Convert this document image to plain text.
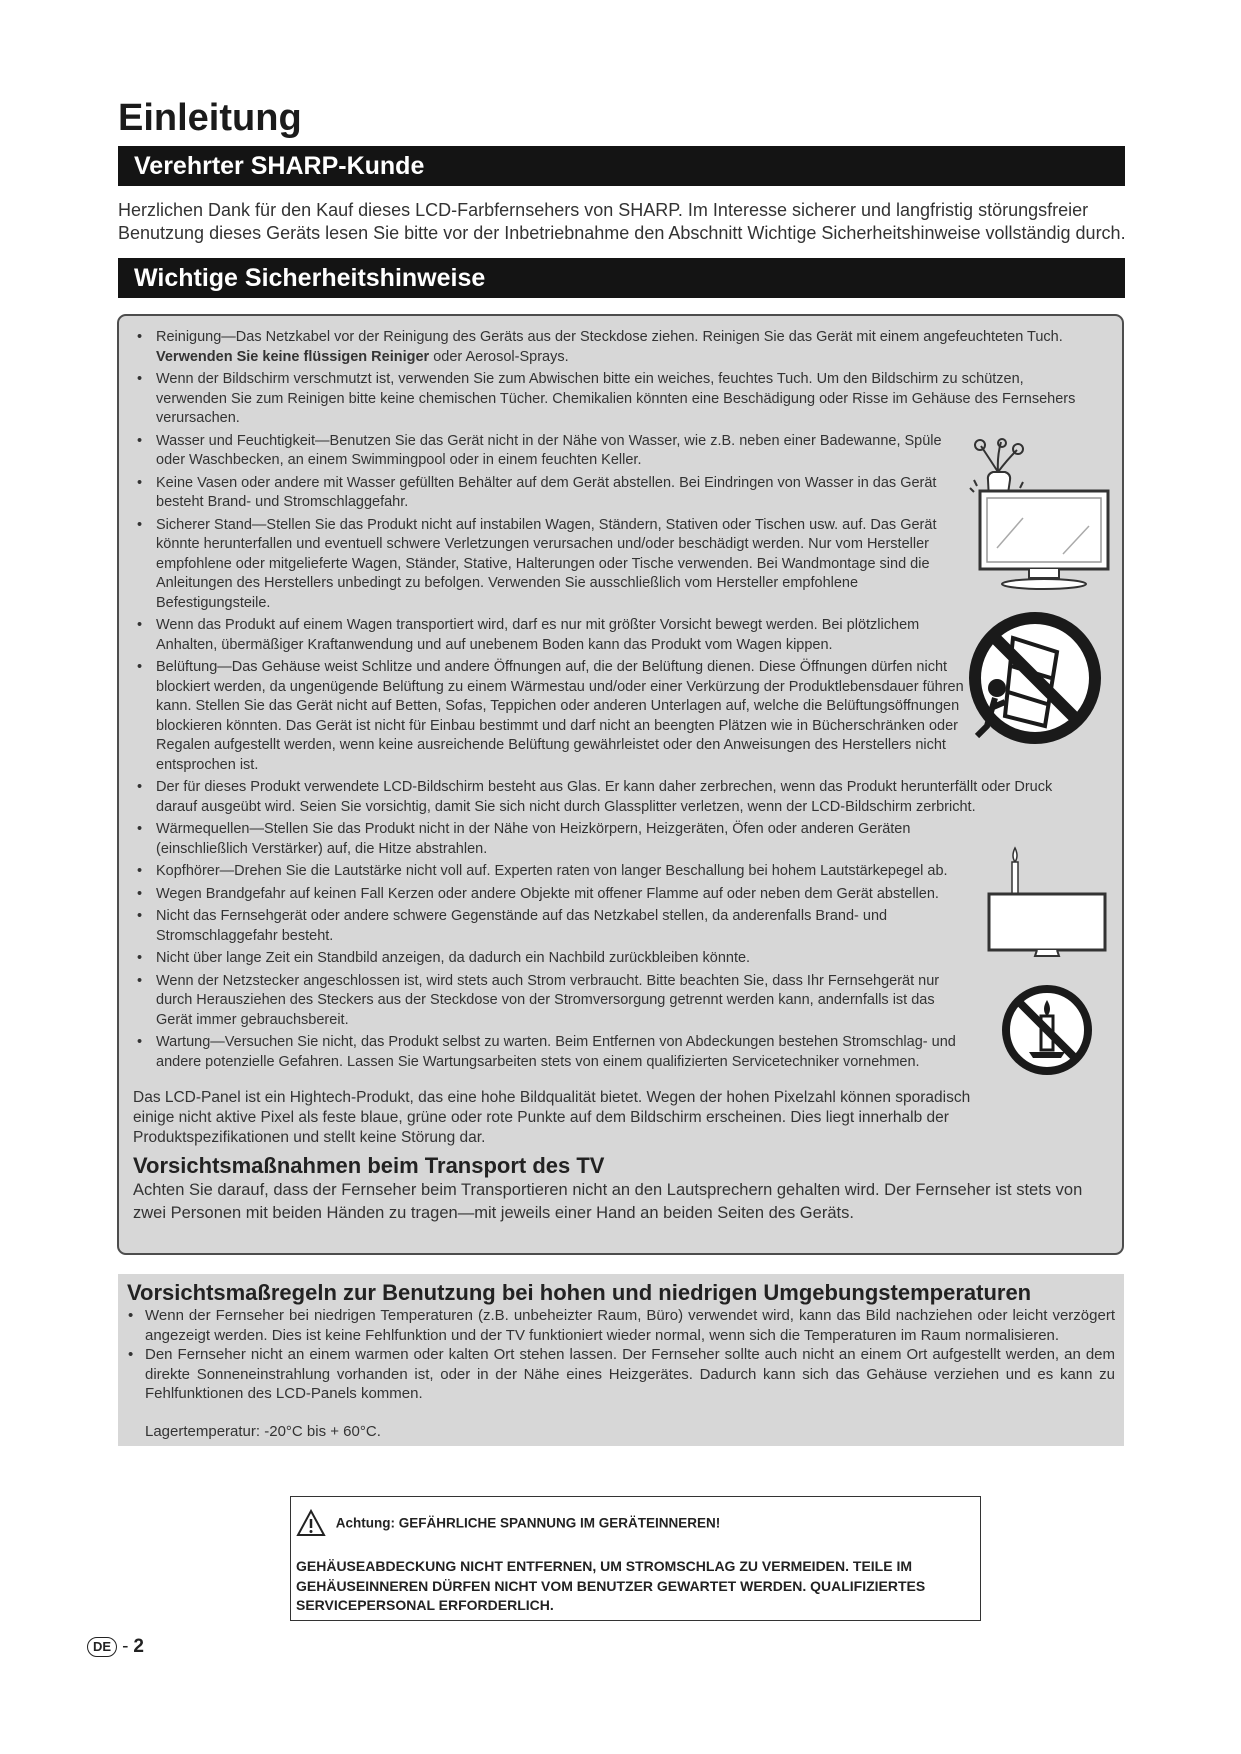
Einleitung
Verehrter SHARP-Kunde

Herzlichen Dank für den Kauf dieses LCD-Farbfernsehers von SHARP. Im Interesse sicherer und langfristig störungsfreier Benutzung dieses Geräts lesen Sie bitte vor der Inbetriebnahme den Abschnitt Wichtige Sicherheitshinweise vollständig durch.

Wichtige Sicherheitshinweise
• Reinigung—Das Netzkabel vor der Reinigung des Geräts aus der Steckdose ziehen. Reinigen Sie das Gerät mit einem angefeuchteten Tuch. Verwenden Sie keine flüssigen Reiniger oder Aerosol-Sprays.
• Wenn der Bildschirm verschmutzt ist, verwenden Sie zum Abwischen bitte ein weiches, feuchtes Tuch. Um den Bildschirm zu schützen, verwenden Sie zum Reinigen bitte keine chemischen Tücher. Chemikalien könnten eine Beschädigung oder Risse im Gehäuse des Fernsehers verursachen.
• Wasser und Feuchtigkeit—Benutzen Sie das Gerät nicht in der Nähe von Wasser, wie z.B. neben einer Badewanne, Spüle oder Waschbecken, an einem Swimmingpool oder in einem feuchten Keller.
• Keine Vasen oder andere mit Wasser gefüllten Behälter auf dem Gerät abstellen. Bei Eindringen von Wasser in das Gerät besteht Brand- und Stromschlaggefahr.
• Sicherer Stand—Stellen Sie das Produkt nicht auf instabilen Wagen, Ständern, Stativen oder Tischen usw. auf. Das Gerät könnte herunterfallen und eventuell schwere Verletzungen verursachen und/oder beschädigt werden. Nur vom Hersteller empfohlene oder mitgelieferte Wagen, Ständer, Stative, Halterungen oder Tische verwenden. Bei Wandmontage sind die Anleitungen des Herstellers unbedingt zu befolgen. Verwenden Sie ausschließlich vom Hersteller empfohlene Befestigungsteile.
• Wenn das Produkt auf einem Wagen transportiert wird, darf es nur mit größter Vorsicht bewegt werden. Bei plötzlichem Anhalten, übermäßiger Kraftanwendung und auf unebenem Boden kann das Produkt vom Wagen kippen.
• Belüftung—Das Gehäuse weist Schlitze und andere Öffnungen auf, die der Belüftung dienen. Diese Öffnungen dürfen nicht blockiert werden, da ungenügende Belüftung zu einem Wärmestau und/oder einer Verkürzung der Produktlebensdauer führen kann. Stellen Sie das Gerät nicht auf Betten, Sofas, Teppichen oder anderen Unterlagen auf, welche die Belüftungsöffnungen blockieren könnten. Das Gerät ist nicht für Einbau bestimmt und darf nicht an beengten Plätzen wie in Bücherschränken oder Regalen aufgestellt werden, wenn keine ausreichende Belüftung gewährleistet oder den Anweisungen des Herstellers nicht entsprochen ist.
• Der für dieses Produkt verwendete LCD-Bildschirm besteht aus Glas. Er kann daher zerbrechen, wenn das Produkt herunterfällt oder Druck darauf ausgeübt wird. Seien Sie vorsichtig, damit Sie sich nicht durch Glassplitter verletzen, wenn der LCD-Bildschirm zerbricht.
• Wärmequellen—Stellen Sie das Produkt nicht in der Nähe von Heizkörpern, Heizgeräten, Öfen oder anderen Geräten (einschließlich Verstärker) auf, die Hitze abstrahlen.
• Kopfhörer—Drehen Sie die Lautstärke nicht voll auf. Experten raten von langer Beschallung bei hohem Lautstärkepegel ab.
• Wegen Brandgefahr auf keinen Fall Kerzen oder andere Objekte mit offener Flamme auf oder neben dem Gerät abstellen.
• Nicht das Fernsehgerät oder andere schwere Gegenstände auf das Netzkabel stellen, da anderenfalls Brand- und Stromschlaggefahr besteht.
• Nicht über lange Zeit ein Standbild anzeigen, da dadurch ein Nachbild zurückbleiben könnte.
• Wenn der Netzstecker angeschlossen ist, wird stets auch Strom verbraucht. Bitte beachten Sie, dass Ihr Fernsehgerät nur durch Herausziehen des Steckers aus der Steckdose von der Stromversorgung getrennt werden kann, andernfalls ist das Gerät immer gebrauchsbereit.
• Wartung—Versuchen Sie nicht, das Produkt selbst zu warten. Beim Entfernen von Abdeckungen bestehen Stromschlag- und andere potenzielle Gefahren. Lassen Sie Wartungsarbeiten stets von einem qualifizierten Servicetechniker vornehmen.

Das LCD-Panel ist ein Hightech-Produkt, das eine hohe Bildqualität bietet. Wegen der hohen Pixelzahl können sporadisch einige nicht aktive Pixel als feste blaue, grüne oder rote Punkte auf dem Bildschirm erscheinen. Dies liegt innerhalb der Produktspezifikationen und stellt keine Störung dar.

Vorsichtsmaßnahmen beim Transport des TV

Achten Sie darauf, dass der Fernseher beim Transportieren nicht an den Lautsprechern gehalten wird. Der Fernseher ist stets von zwei Personen mit beiden Händen zu tragen—mit jeweils einer Hand an beiden Seiten des Geräts.

Vorsichtsmaßregeln zur Benutzung bei hohen und niedrigen Umgebungstemperaturen
• Wenn der Fernseher bei niedrigen Temperaturen (z.B. unbeheizter Raum, Büro) verwendet wird, kann das Bild nachziehen oder leicht verzögert angezeigt werden. Dies ist keine Fehlfunktion und der TV funktioniert wieder normal, wenn sich die Temperaturen im Raum normalisieren.
• Den Fernseher nicht an einem warmen oder kalten Ort stehen lassen. Der Fernseher sollte auch nicht an einem Ort aufgestellt werden, an dem direkte Sonneneinstrahlung vorhanden ist, oder in der Nähe eines Heizgerätes. Dadurch kann sich das Gehäuse verziehen und es kann zu Fehlfunktionen des LCD-Panels kommen.

Lagertemperatur: -20°C bis + 60°C.

Achtung: GEFÄHRLICHE SPANNUNG IM GERÄTEINNEREN!

GEHÄUSEABDECKUNG NICHT ENTFERNEN, UM STROMSCHLAG ZU VERMEIDEN. TEILE IM GEHÄUSEINNEREN DÜRFEN NICHT VOM BENUTZER GEWARTET WERDEN. QUALIFIZIERTES SERVICEPERSONAL ERFORDERLICH.

DE - 2
